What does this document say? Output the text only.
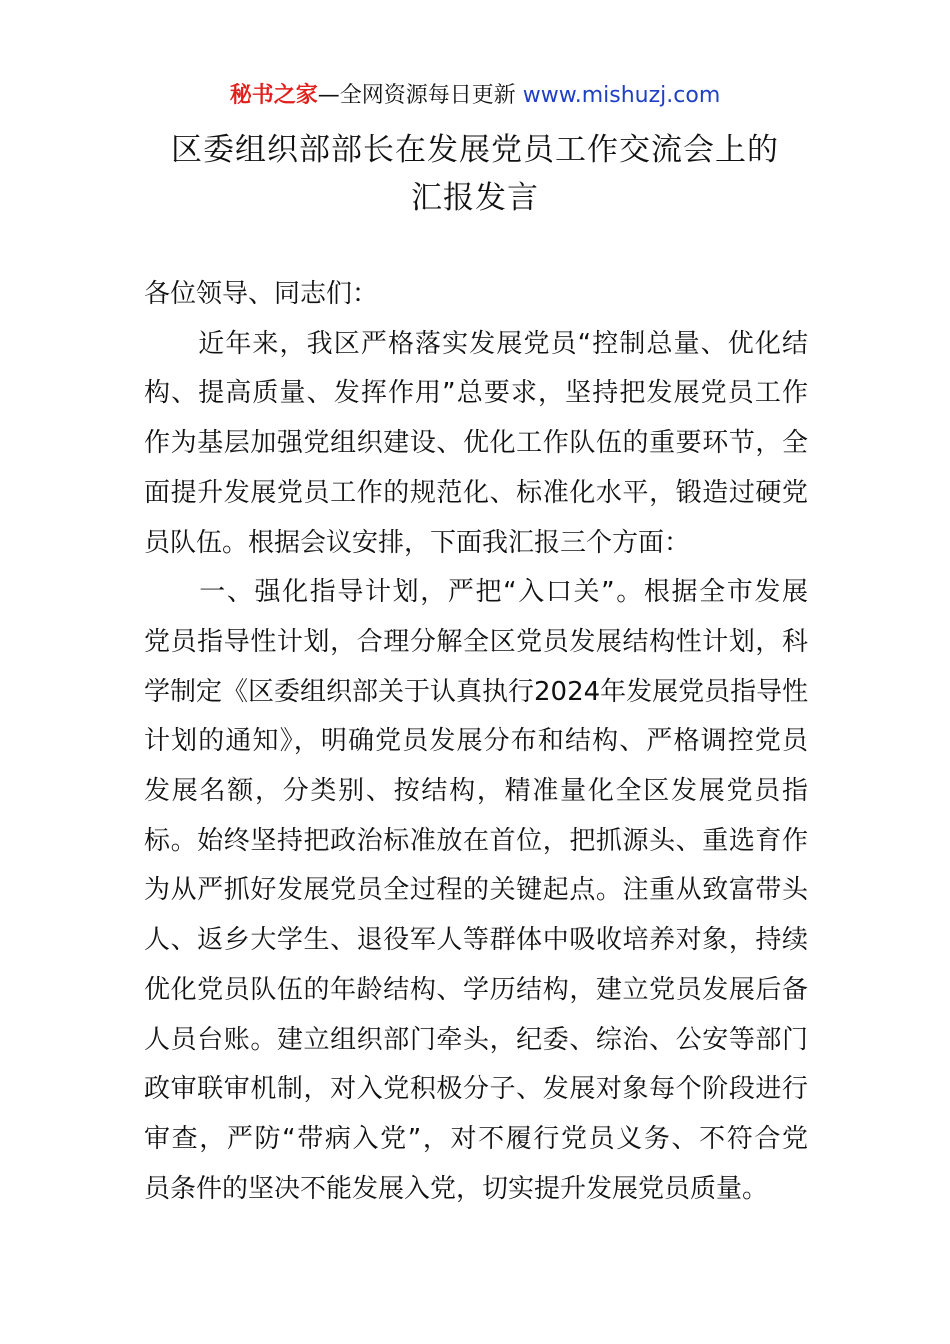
秘书之家—全网资源每日更新 www.mishuzj.com
区委组织部部长在发展党员工作交流会上的
汇报发言
各位领导、同志们：
　　近年来，我区严格落实发展党员“控制总量、优化结
构、提高质量、发挥作用”总要求，坚持把发展党员工作
作为基层加强党组织建设、优化工作队伍的重要环节，全
面提升发展党员工作的规范化、标准化水平，锻造过硬党
员队伍。根据会议安排，下面我汇报三个方面：
　　一、强化指导计划，严把“入口关”。根据全市发展
党员指导性计划，合理分解全区党员发展结构性计划，科
学制定《区委组织部关于认真执行2024年发展党员指导性
计划的通知》，明确党员发展分布和结构、严格调控党员
发展名额，分类别、按结构，精准量化全区发展党员指
标。始终坚持把政治标准放在首位，把抓源头、重选育作
为从严抓好发展党员全过程的关键起点。注重从致富带头
人、返乡大学生、退役军人等群体中吸收培养对象，持续
优化党员队伍的年龄结构、学历结构，建立党员发展后备
人员台账。建立组织部门牵头，纪委、综治、公安等部门
政审联审机制，对入党积极分子、发展对象每个阶段进行
审查，严防“带病入党”，对不履行党员义务、不符合党
员条件的坚决不能发展入党，切实提升发展党员质量。
